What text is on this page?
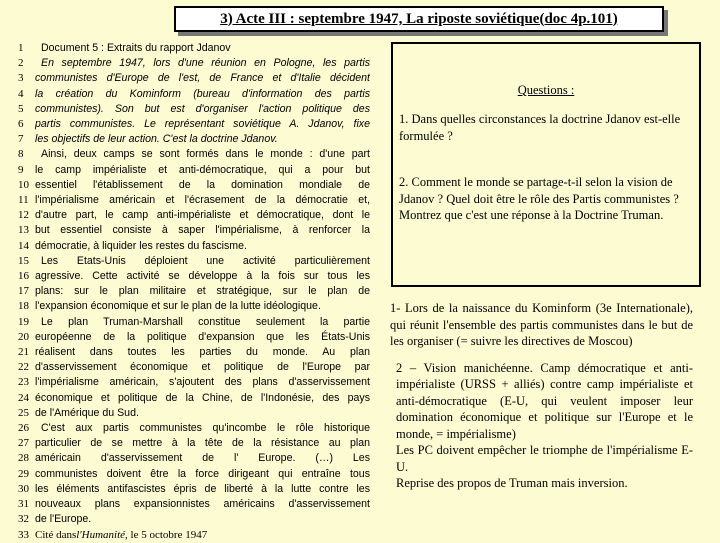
3) Acte III : septembre 1947, La riposte soviétique(doc 4p.101)
1	Document 5 : Extraits du rapport Jdanov
2	En septembre 1947, lors d'une réunion en Pologne, les partis
3	communistes d'Europe de l'est, de France et d'Italie décident
4	la création du Kominform (bureau d'information des partis
5	communistes). Son but est d'organiser l'action politique des
6	partis communistes. Le représentant soviétique A. Jdanov, fixe
7	les objectifs de leur action. C'est la doctrine Jdanov.
8	Ainsi, deux camps se sont formés dans le monde : d'une part
9	le camp impérialiste et anti-démocratique, qui a pour but
10 essentiel l'établissement de la domination mondiale de
11 l'impérialisme américain et l'écrasement de la démocratie et,
12 d'autre part, le camp anti-impérialiste et démocratique, dont le
13 but essentiel consiste à saper l'impérialisme, à renforcer la
14 démocratie, à liquider les restes du fascisme.
15	Les Etats-Unis déploient une activité particulièrement
16 agressive. Cette activité se développe à la fois sur tous les
17 plans: sur le plan militaire et stratégique, sur le plan de
18 l'expansion économique et sur le plan de la lutte idéologique.
19	Le plan Truman-Marshall constitue seulement la partie
20 européenne de la politique d'expansion que les États-Unis
21 réalisent dans toutes les parties du monde. Au plan
22 d'asservissement économique et politique de l'Europe par
23 l'impérialisme américain, s'ajoutent des plans d'asservissement
24 économique et politique de la Chine, de l'Indonésie, des pays
25 de l'Amérique du Sud.
26	C'est aux partis communistes qu'incombe le rôle historique
27 particulier de se mettre à la tête de la résistance au plan
28 américain d'asservissement de l' Europe. (…) Les
29 communistes doivent être la force dirigeant qui entraîne tous
30 les éléments antifascistes épris de liberté à la lutte contre les
31 nouveaux plans expansionnistes américains d'asservissement
32 de l'Europe.
33 Cité dans l'Humanité , le 5 octobre 1947
Questions :
1. Dans quelles circonstances la doctrine Jdanov est-elle formulée ?
2. Comment le monde se partage-t-il selon la vision de Jdanov ? Quel doit être le rôle des Partis communistes ? Montrez que c'est une réponse à la Doctrine Truman.
1- Lors de la naissance du Kominform (3e Internationale), qui réunit l'ensemble des partis communistes dans le but de les organiser (= suivre les directives de Moscou)

2 – Vision manichéenne. Camp démocratique et anti-impérialiste (URSS + alliés) contre camp impérialiste et anti-démocratique (E-U, qui veulent imposer leur domination économique et politique sur l'Europe et le monde, = impérialisme)

Les PC doivent empêcher le triomphe de l'impérialisme E-U.

Reprise des propos de Truman mais inversion.
